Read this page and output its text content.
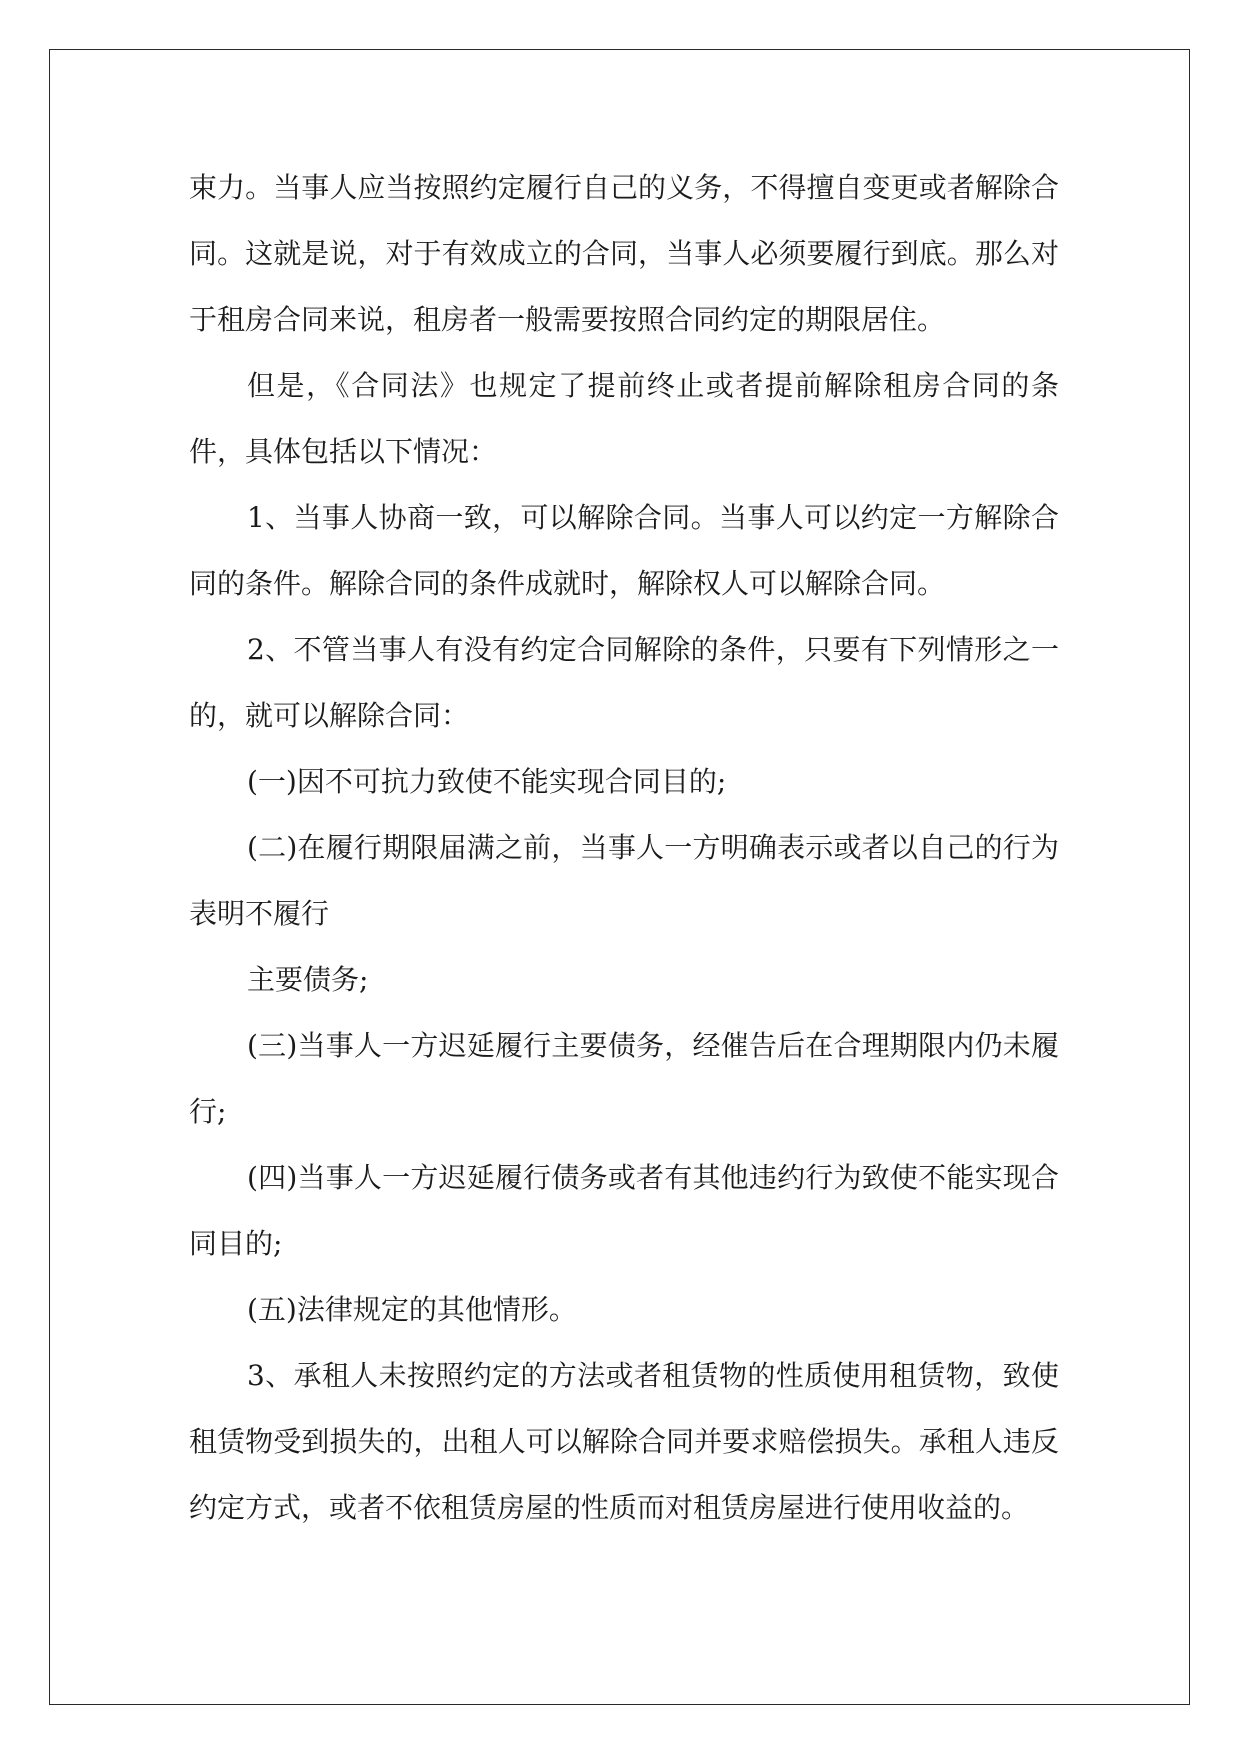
束力。当事人应当按照约定履行自己的义务，不得擅自变更或者解除合同。这就是说，对于有效成立的合同，当事人必须要履行到底。那么对于租房合同来说，租房者一般需要按照合同约定的期限居住。

但是，《合同法》也规定了提前终止或者提前解除租房合同的条件，具体包括以下情况：

1、当事人协商一致，可以解除合同。当事人可以约定一方解除合同的条件。解除合同的条件成就时，解除权人可以解除合同。

2、不管当事人有没有约定合同解除的条件，只要有下列情形之一的，就可以解除合同：

(一)因不可抗力致使不能实现合同目的;

(二)在履行期限届满之前，当事人一方明确表示或者以自己的行为表明不履行

主要债务;

(三)当事人一方迟延履行主要债务，经催告后在合理期限内仍未履行;

(四)当事人一方迟延履行债务或者有其他违约行为致使不能实现合同目的;

(五)法律规定的其他情形。

3、承租人未按照约定的方法或者租赁物的性质使用租赁物，致使租赁物受到损失的，出租人可以解除合同并要求赔偿损失。承租人违反约定方式，或者不依租赁房屋的性质而对租赁房屋进行使用收益的。
